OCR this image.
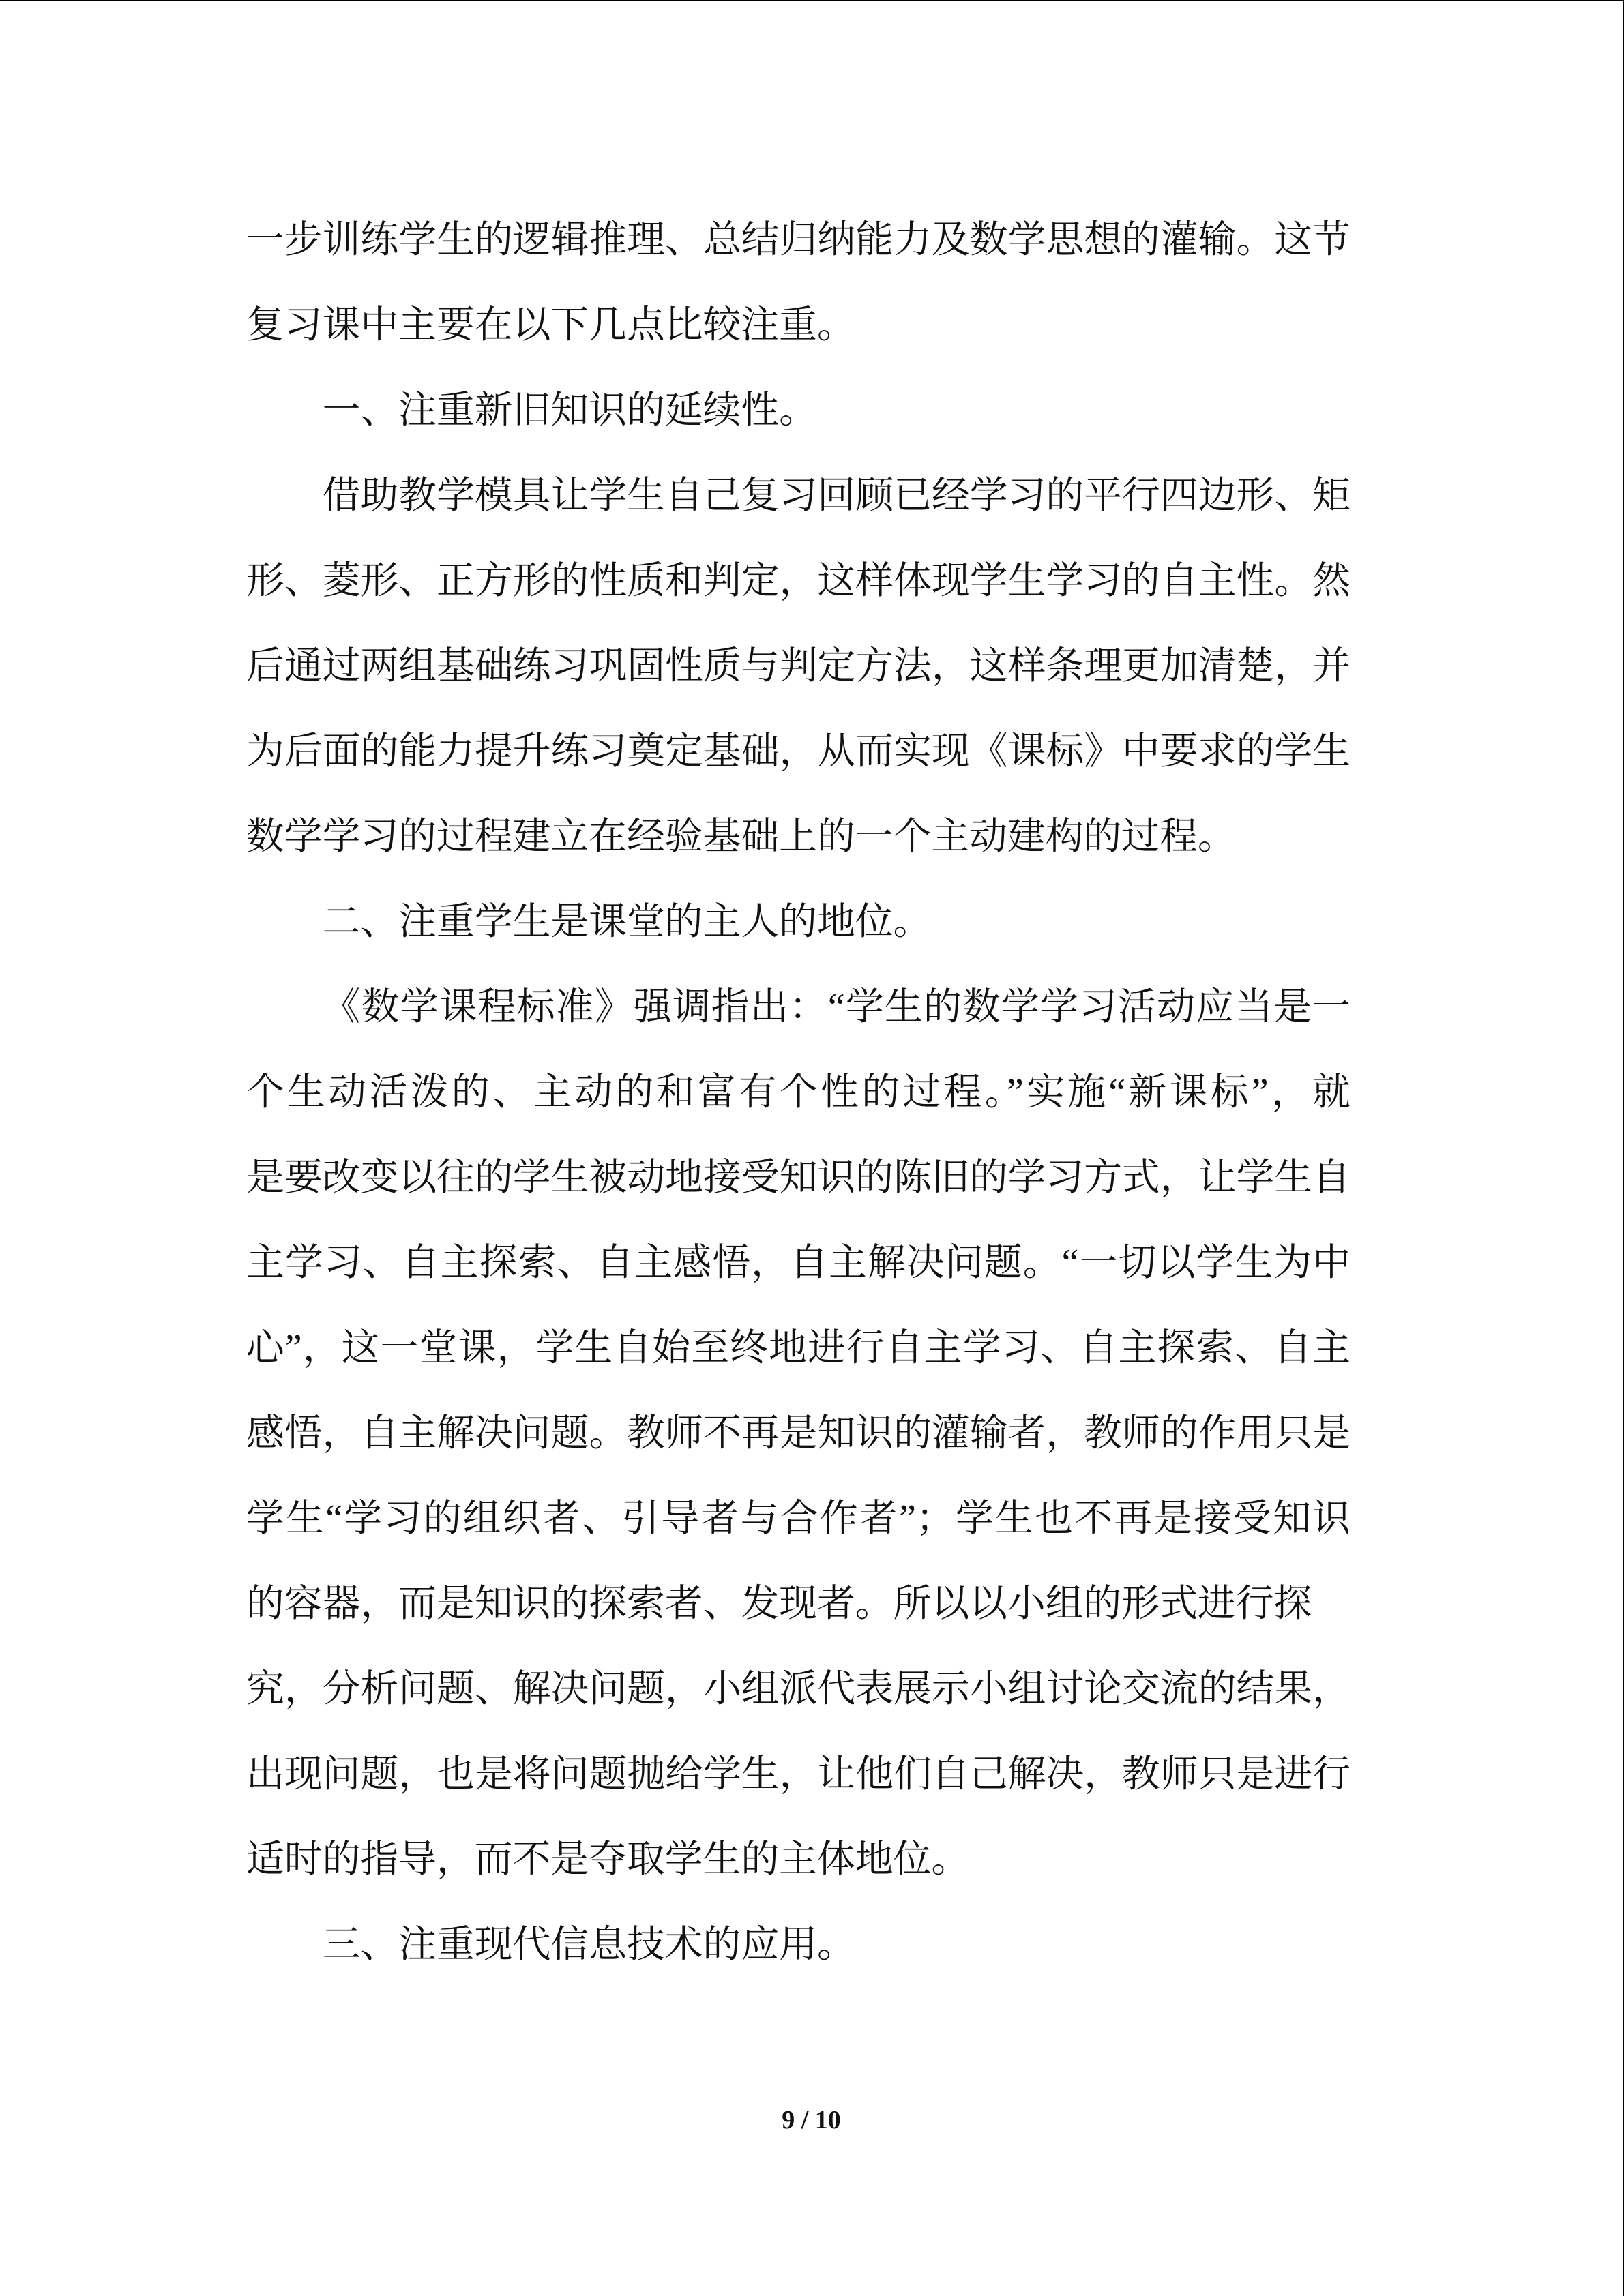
一步训练学生的逻辑推理、总结归纳能力及数学思想的灌输。这节
复习课中主要在以下几点比较注重。
一、注重新旧知识的延续性。
借助教学模具让学生自己复习回顾已经学习的平行四边形、矩
形、菱形、正方形的性质和判定，这样体现学生学习的自主性。然
后通过两组基础练习巩固性质与判定方法，这样条理更加清楚，并
为后面的能力提升练习奠定基础，从而实现《课标》中要求的学生
数学学习的过程建立在经验基础上的一个主动建构的过程。
二、注重学生是课堂的主人的地位。
《数学课程标准》强调指出：“学生的数学学习活动应当是一
个生动活泼的、主动的和富有个性的过程。”实施“新课标”，就
是要改变以往的学生被动地接受知识的陈旧的学习方式，让学生自
主学习、自主探索、自主感悟，自主解决问题。“一切以学生为中
心”，这一堂课，学生自始至终地进行自主学习、自主探索、自主
感悟，自主解决问题。教师不再是知识的灌输者，教师的作用只是
学生“学习的组织者、引导者与合作者”；学生也不再是接受知识
的容器，而是知识的探索者、发现者。所以以小组的形式进行探
究，分析问题、解决问题，小组派代表展示小组讨论交流的结果，
出现问题，也是将问题抛给学生，让他们自己解决，教师只是进行
适时的指导，而不是夺取学生的主体地位。
三、注重现代信息技术的应用。
9 / 10
